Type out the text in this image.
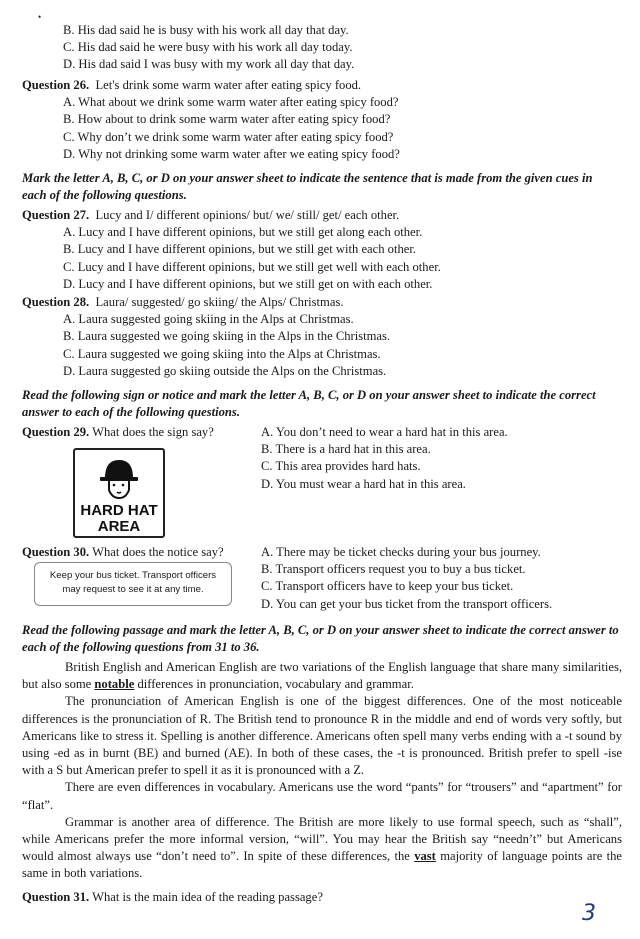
•
B. His dad said he is busy with his work all day that day.
C. His dad said he were busy with his work all day today.
D. His dad said I was busy with my work all day that day.
Question 26. Let's drink some warm water after eating spicy food.
A. What about we drink some warm water after eating spicy food?
B. How about to drink some warm water after eating spicy food?
C. Why don’t we drink some warm water after eating spicy food?
D. Why not drinking some warm water after we eating spicy food?
Mark the letter A, B, C, or D on your answer sheet to indicate the sentence that is made from the given cues in each of the following questions.
Question 27. Lucy and I/ different opinions/ but/ we/ still/ get/ each other.
A. Lucy and I have different opinions, but we still get along each other.
B. Lucy and I have different opinions, but we still get with each other.
C. Lucy and I have different opinions, but we still get well with each other.
D. Lucy and I have different opinions, but we still get on with each other.
Question 28. Laura/ suggested/ go skiing/ the Alps/ Christmas.
A. Laura suggested going skiing in the Alps at Christmas.
B. Laura suggested we going skiing in the Alps in the Christmas.
C. Laura suggested we going skiing into the Alps at Christmas.
D. Laura suggested go skiing outside the Alps on the Christmas.
Read the following sign or notice and mark the letter A, B, C, or D on your answer sheet to indicate the correct answer to each of the following questions.
Question 29. What does the sign say?	A. You don’t need to wear a hard hat in this area.
B. There is a hard hat in this area.
C. This area provides hard hats.
D. You must wear a hard hat in this area.
HARD HAT
AREA
Question 30. What does the notice say?	A. There may be ticket checks during your bus journey.
B. Transport officers request you to buy a bus ticket.
C. Transport officers have to keep your bus ticket.
D. You can get your bus ticket from the transport officers.
Keep your bus ticket. Transport officers
may request to see it at any time.
Read the following passage and mark the letter A, B, C, or D on your answer sheet to indicate the correct answer to each of the following questions from 31 to 36.

British English and American English are two variations of the English language that share many similarities, but also some notable differences in pronunciation, vocabulary and grammar.

The pronunciation of American English is one of the biggest differences. One of the most noticeable differences is the pronunciation of R. The British tend to pronounce R in the middle and end of words very softly, but Americans like to stress it. Spelling is another difference. Americans often spell many verbs ending with a -t sound by using -ed as in burnt (BE) and burned (AE). In both of these cases, the -t is pronounced. British prefer to spell -ise with a S but American prefer to spell it as it is pronounced with a Z.

There are even differences in vocabulary. Americans use the word “pants” for “trousers” and “apartment” for “flat”.

Grammar is another area of difference. The British are more likely to use formal speech, such as “shall”, while Americans prefer the more informal version, “will”. You may hear the British say “needn’t” but Americans would almost always use “don’t need to”. In spite of these differences, the vast majority of language points are the same in both variations.

Question 31. What is the main idea of the reading passage?
3
